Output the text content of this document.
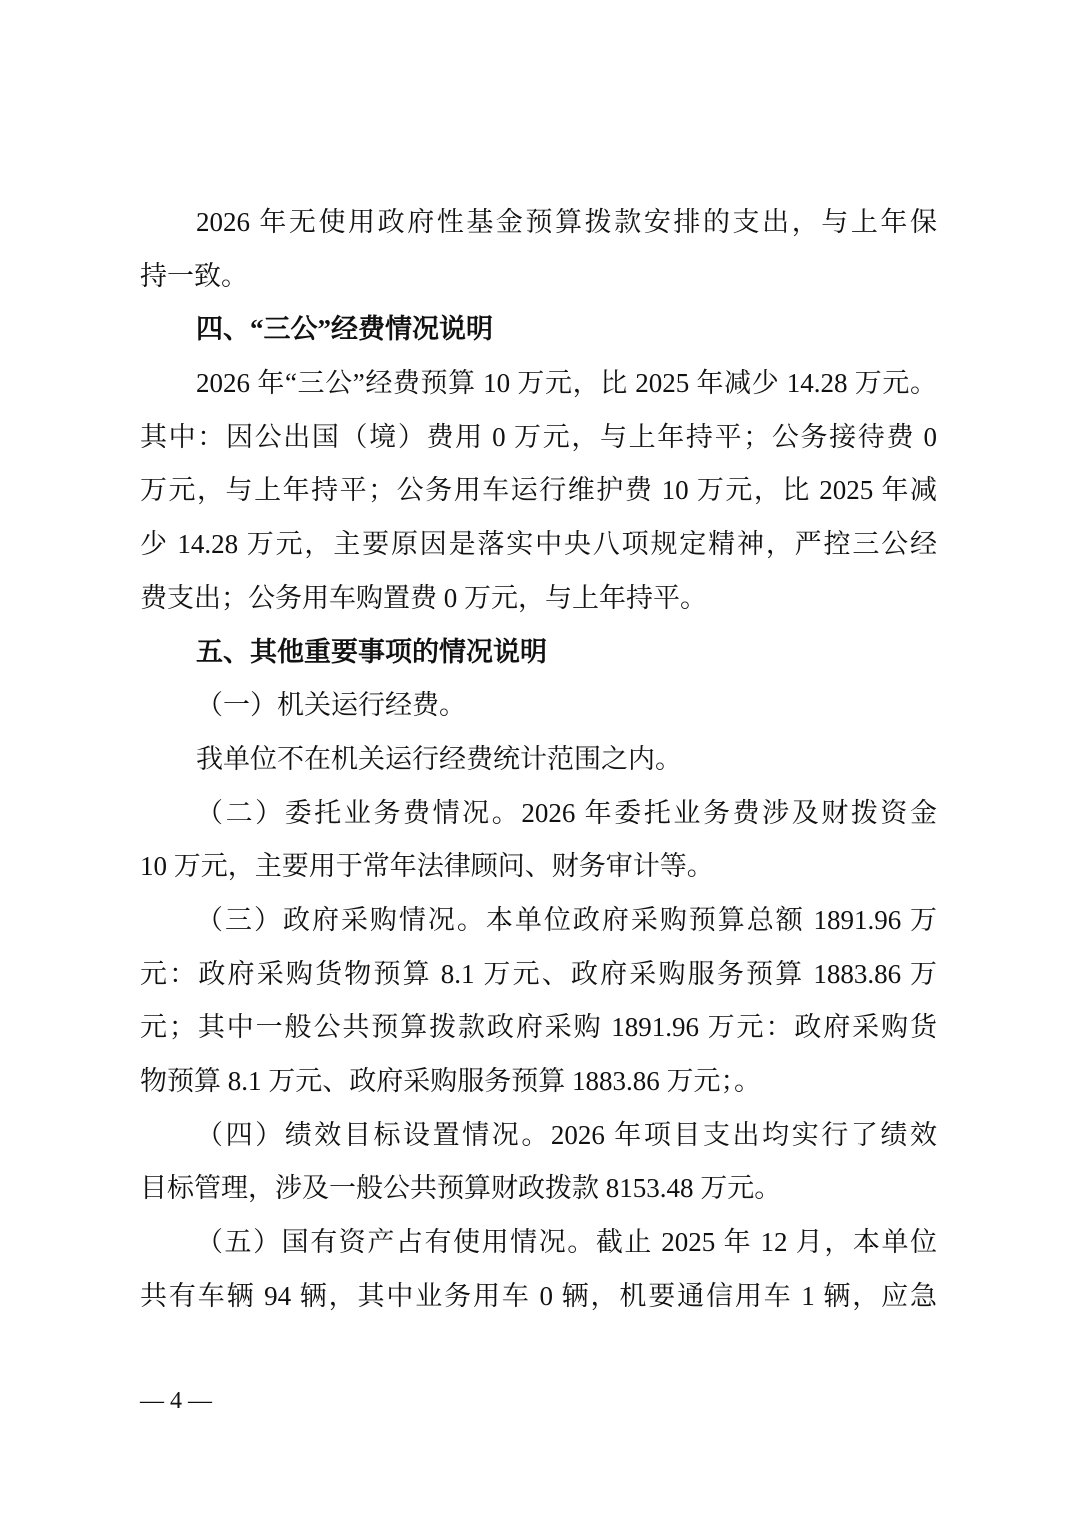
2026 年无使用政府性基金预算拨款安排的支出，与上年保
持一致。
四、“三公”经费情况说明
2026 年“三公”经费预算 10 万元，比 2025 年减少 14.28 万元。
其中：因公出国（境）费用 0 万元，与上年持平；公务接待费 0
万元，与上年持平；公务用车运行维护费 10 万元，比 2025 年减
少 14.28 万元，主要原因是落实中央八项规定精神，严控三公经
费支出；公务用车购置费 0 万元，与上年持平。
五、其他重要事项的情况说明
（一）机关运行经费。
我单位不在机关运行经费统计范围之内。
（二）委托业务费情况。2026 年委托业务费涉及财拨资金
10 万元，主要用于常年法律顾问、财务审计等。
（三）政府采购情况。本单位政府采购预算总额 1891.96 万
元：政府采购货物预算 8.1 万元、政府采购服务预算 1883.86 万
元；其中一般公共预算拨款政府采购 1891.96 万元：政府采购货
物预算 8.1 万元、政府采购服务预算 1883.86 万元；。
（四）绩效目标设置情况。2026 年项目支出均实行了绩效
目标管理，涉及一般公共预算财政拨款 8153.48 万元。
（五）国有资产占有使用情况。截止 2025 年 12 月，本单位
共有车辆 94 辆，其中业务用车 0 辆，机要通信用车 1 辆，应急
— 4 —
